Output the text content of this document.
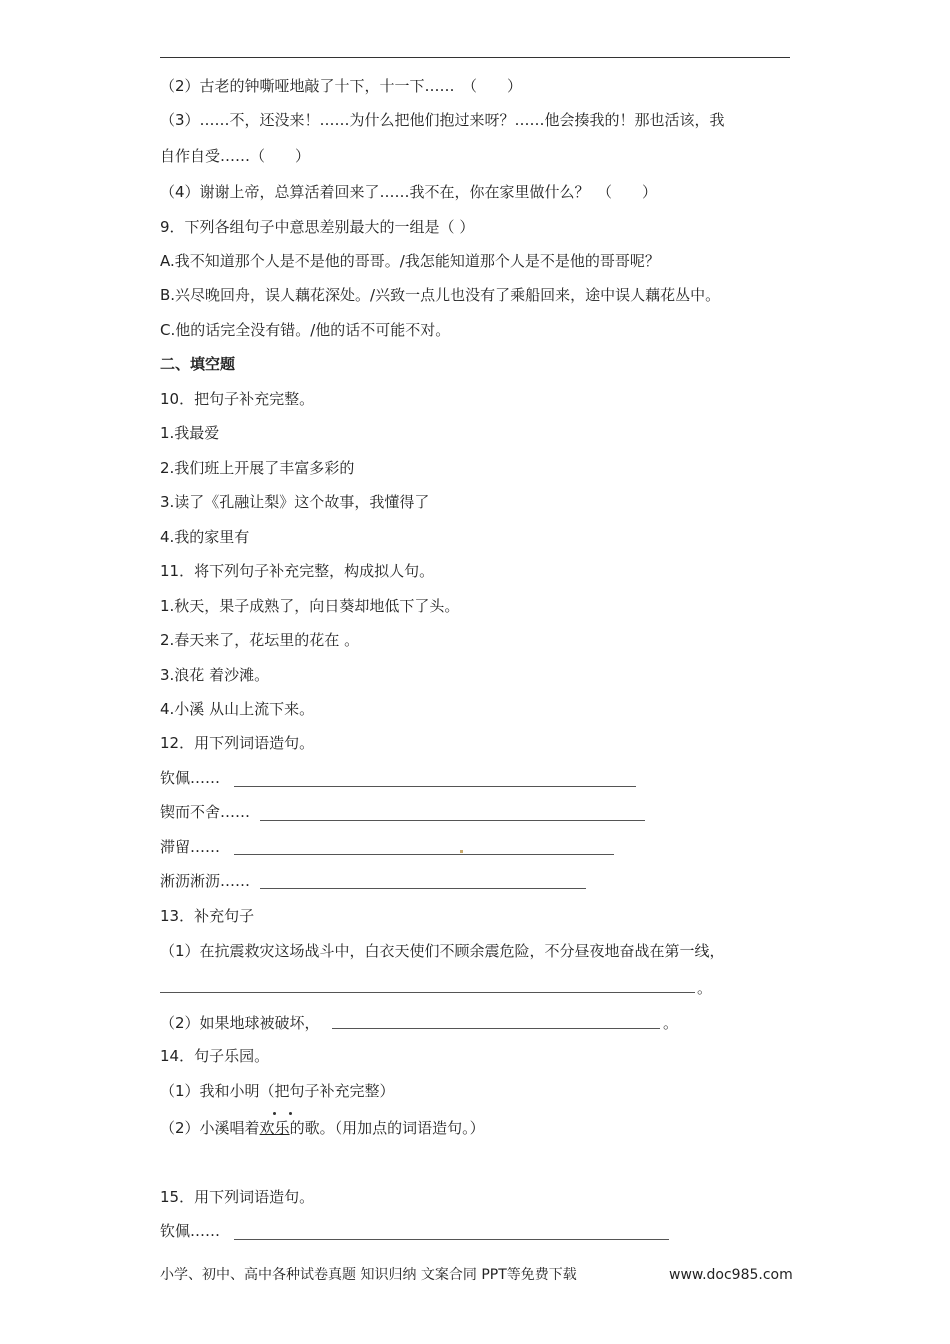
（2）古老的钟嘶哑地敲了十下，十一下……　（　　）
（3）……不，还没来！……为什么把他们抱过来呀？……他会揍我的！那也活该，我
自作自受……（　　）
（4）谢谢上帝，总算活着回来了……我不在，你在家里做什么？　（　　）
9．下列各组句子中意思差别最大的一组是（ ）
A.我不知道那个人是不是他的哥哥。/我怎能知道那个人是不是他的哥哥呢？
B.兴尽晚回舟，误人藕花深处。/兴致一点儿也没有了乘船回来，途中误人藕花丛中。
C.他的话完全没有错。/他的话不可能不对。
二、填空题
10．把句子补充完整。
1.我最爱
2.我们班上开展了丰富多彩的
3.读了《孔融让梨》这个故事，我懂得了
4.我的家里有
11．将下列句子补充完整，构成拟人句。
1.秋天，果子成熟了，向日葵却地低下了头。
2.春天来了，花坛里的花在 。
3.浪花 着沙滩。
4.小溪 从山上流下来。
12．用下列词语造句。
钦佩……
锲而不舍……
滞留……
淅沥淅沥……
13．补充句子
（1）在抗震救灾这场战斗中，白衣天使们不顾余震危险，不分昼夜地奋战在第一线，
。
（2）如果地球被破坏，	。
14．句子乐园。
（1）我和小明（把句子补充完整）
（2）小溪唱着欢乐的歌。（用加点的词语造句。）
15．用下列词语造句。
钦佩……
小学、初中、高中各种试卷真题 知识归纳 文案合同 PPT等免费下载	www.doc985.com
